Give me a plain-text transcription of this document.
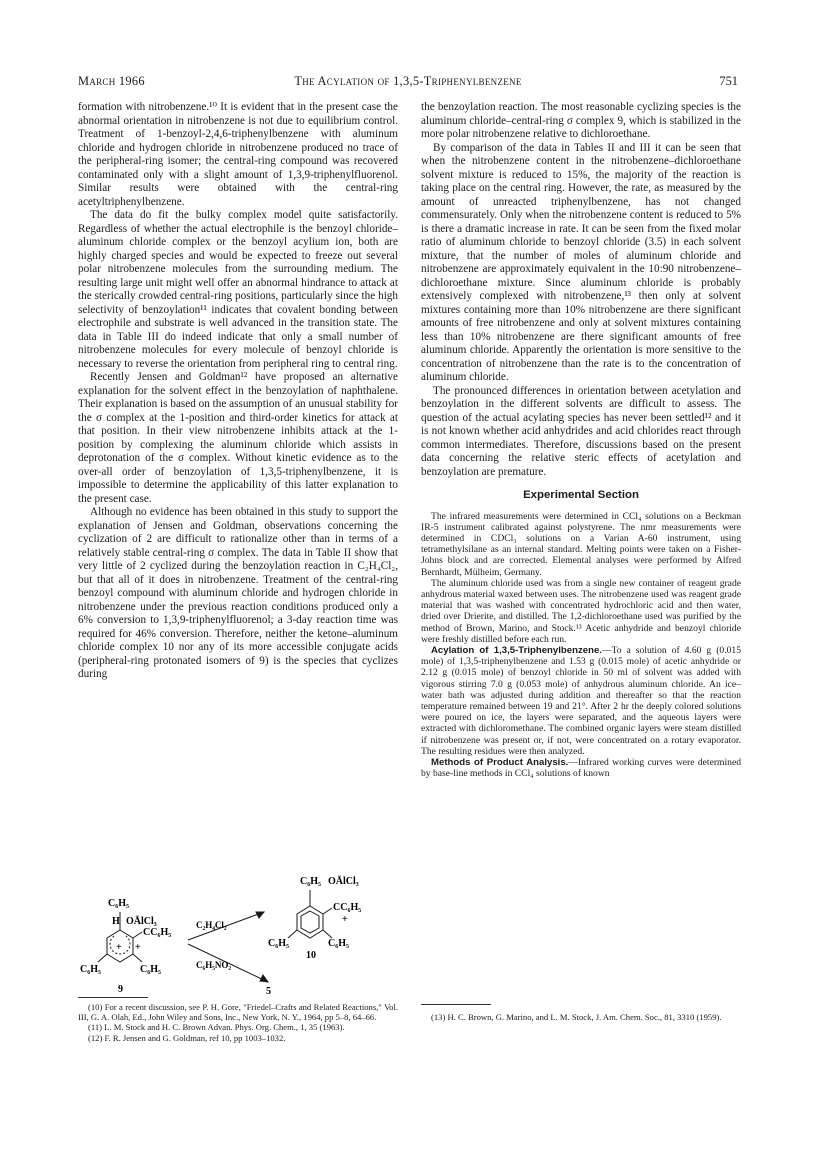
March 1966	The Acylation of 1,3,5-Triphenylbenzene	751

formation with nitrobenzene.¹⁰ It is evident that in the present case the abnormal orientation in nitrobenzene is not due to equilibrium control. Treatment of 1-benzoyl-2,4,6-triphenylbenzene with aluminum chloride and hydrogen chloride in nitrobenzene produced no trace of the peripheral-ring isomer; the central-ring compound was recovered contaminated only with a slight amount of 1,3,9-triphenylfluorenol. Similar results were obtained with the central-ring acetyltriphenylbenzene.

The data do fit the bulky complex model quite satisfactorily. Regardless of whether the actual electrophile is the benzoyl chloride–aluminum chloride complex or the benzoyl acylium ion, both are highly charged species and would be expected to freeze out several polar nitrobenzene molecules from the surrounding medium. The resulting large unit might well offer an abnormal hindrance to attack at the sterically crowded central-ring positions, particularly since the high selectivity of benzoylation¹¹ indicates that covalent bonding between electrophile and substrate is well advanced in the transition state. The data in Table III do indeed indicate that only a small number of nitrobenzene molecules for every molecule of benzoyl chloride is necessary to reverse the orientation from peripheral ring to central ring.

Recently Jensen and Goldman¹² have proposed an alternative explanation for the solvent effect in the benzoylation of naphthalene. Their explanation is based on the assumption of an unusual stability for the σ complex at the 1-position and third-order kinetics for attack at that position. In their view nitrobenzene inhibits attack at the 1-position by complexing the aluminum chloride which assists in deprotonation of the σ complex. Without kinetic evidence as to the over-all order of benzoylation of 1,3,5-triphenylbenzene, it is impossible to determine the applicability of this latter explanation to the present case.

Although no evidence has been obtained in this study to support the explanation of Jensen and Goldman, observations concerning the cyclization of 2 are difficult to rationalize other than in terms of a relatively stable central-ring σ complex. The data in Table II show that very little of 2 cyclized during the benzoylation reaction in C₂H₄Cl₂, but that all of it does in nitrobenzene. Treatment of the central-ring benzoyl compound with aluminum chloride and hydrogen chloride in nitrobenzene under the previous reaction conditions produced only a 6% conversion to 1,3,9-triphenylfluorenol; a 3-day reaction time was required for 46% conversion. Therefore, neither the ketone–aluminum chloride complex 10 nor any of its more accessible conjugate acids (peripheral-ring protonated isomers of 9) is the species that cyclizes during

the benzoylation reaction. The most reasonable cyclizing species is the aluminum chloride–central-ring σ complex 9, which is stabilized in the more polar nitrobenzene relative to dichloroethane.

By comparison of the data in Tables II and III it can be seen that when the nitrobenzene content in the nitrobenzene–dichloroethane solvent mixture is reduced to 15%, the majority of the reaction is taking place on the central ring. However, the rate, as measured by the amount of unreacted triphenylbenzene, has not changed commensurately. Only when the nitrobenzene content is reduced to 5% is there a dramatic increase in rate. It can be seen from the fixed molar ratio of aluminum chloride to benzoyl chloride (3.5) in each solvent mixture, that the number of moles of aluminum chloride and nitrobenzene are approximately equivalent in the 10:90 nitrobenzene–dichloroethane mixture. Since aluminum chloride is probably extensively complexed with nitrobenzene,¹³ then only at solvent mixtures containing more than 10% nitrobenzene are there significant amounts of free nitrobenzene and only at solvent mixtures containing less than 10% nitrobenzene are there significant amounts of free aluminum chloride. Apparently the orientation is more sensitive to the concentration of nitrobenzene than the rate is to the concentration of aluminum chloride.

The pronounced differences in orientation between acetylation and benzoylation in the different solvents are difficult to assess. The question of the actual acylating species has never been settled¹² and it is not known whether acid anhydrides and acid chlorides react through common intermediates. Therefore, discussions based on the present data concerning the relative steric effects of acetylation and benzoylation are premature.

Experimental Section

The infrared measurements were determined in CCl₄ solutions on a Beckman IR-5 instrument calibrated against polystyrene. The nmr measurements were determined in CDCl₃ solutions on a Varian A-60 instrument, using tetramethylsilane as an internal standard. Melting points were taken on a Fisher-Johns block and are corrected. Elemental analyses were performed by Alfred Bernhardt, Mülheim, Germany.

The aluminum chloride used was from a single new container of reagent grade anhydrous material waxed between uses. The nitrobenzene used was reagent grade material that was washed with concentrated hydrochloric acid and then water, dried over Drierite, and distilled. The 1,2-dichloroethane used was purified by the method of Brown, Marino, and Stock.¹³ Acetic anhydride and benzoyl chloride were freshly distilled before each run.

Acylation of 1,3,5-Triphenylbenzene.—To a solution of 4.60 g (0.015 mole) of 1,3,5-triphenylbenzene and 1.53 g (0.015 mole) of acetic anhydride or 2.12 g (0.015 mole) of benzoyl chloride in 50 ml of solvent was added with vigorous stirring 7.0 g (0.053 mole) of anhydrous aluminum chloride. An ice–water bath was adjusted during addition and thereafter so that the reaction temperature remained between 19 and 21°. After 2 hr the deeply colored solutions were poured on ice, the layers were separated, and the aqueous layers were extracted with dichloromethane. The combined organic layers were steam distilled if nitrobenzene was present or, if not, were concentrated on a rotary evaporator. The resulting residues were then analyzed.

Methods of Product Analysis.—Infrared working curves were determined by base-line methods in CCl₄ solutions of known

C₆H₅
H OĀlCl₃
CC₆H₅
+ +
C₆H₅	C₆H₅
9
C₂H₄Cl₂
C₆H₅NO₂
5
C₆H₅ OĀlCl₃
CC₆H₅
+
C₆H₅	C₆H₅
10

(10) For a recent discussion, see P. H. Gore, "Friedel–Crafts and Related Reactions," Vol. III, G. A. Olah, Ed., John Wiley and Sons, Inc., New York, N. Y., 1964, pp 5–8, 64–66.

(11) L. M. Stock and H. C. Brown Advan. Phys. Org. Chem., 1, 35 (1963).

(12) F. R. Jensen and G. Goldman, ref 10, pp 1003–1032.

(13) H. C. Brown, G. Marino, and L. M. Stock, J. Am. Chem. Soc., 81, 3310 (1959).
